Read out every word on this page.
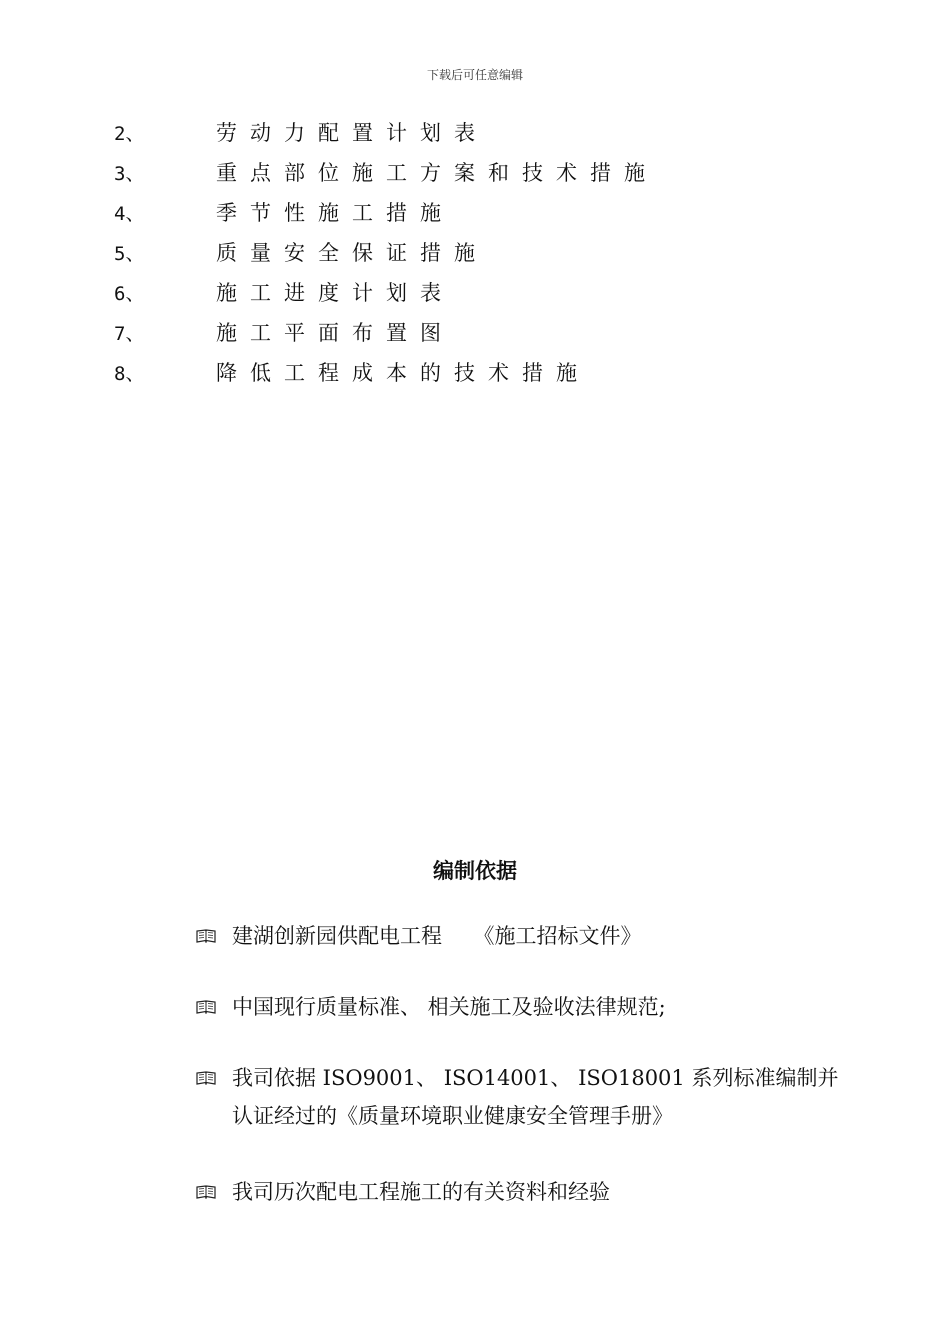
下载后可任意编辑
2、	劳动力配置计划表
3、	重点部位施工方案和技术措施
4、	季节性施工措施
5、	质量安全保证措施
6、	施工进度计划表
7、	施工平面布置图
8、	降低工程成本的技术措施
编制依据
建湖创新园供配电工程　　《施工招标文件》
中国现行质量标准、 相关施工及验收法律规范;
我司依据 ISO9001、 ISO14001、 ISO18001 系列标准编制并认证经过的《质量环境职业健康安全管理手册》
我司历次配电工程施工的有关资料和经验
